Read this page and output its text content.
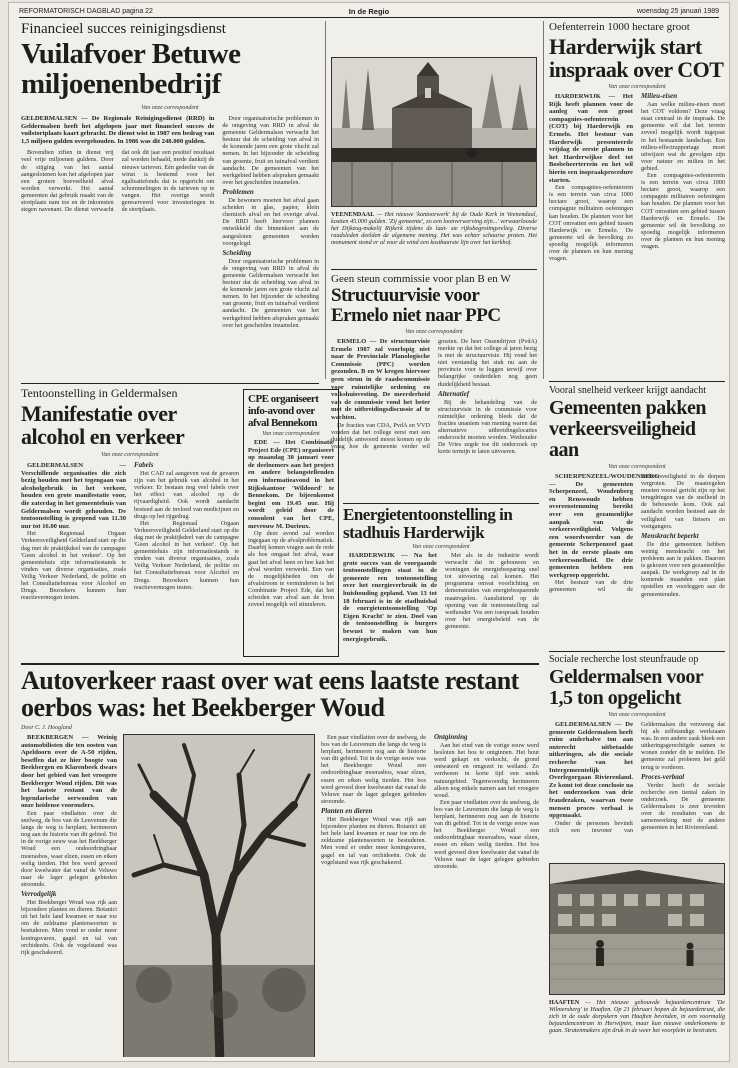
REFORMATORISCH DAGBLAD pagina 22	In de Regio	woensdag 25 januari 1989
Financieel succes reinigingsdienst
Vuilafvoer Betuwe miljoenenbedrijf
Van onze correspondent
GELDERMALSEN — De Regionale Reinigingsdienst (RRD) in Geldermalsen heeft het afgelopen jaar met financieel succes de vuilstortplaats kaart gebracht. De dienst wist in 1987 een bedrag van 1,5 miljoen gulden overgehouden. In 1986 was dit 248.000 gulden.

Bovendien ziften in dienst vrij veel vrije miljoenen guldens. Door de stijging van het aantal aangeslotenen kon het afgelopen jaar een grotere hoeveelheid afval worden verwerkt. Het aantal gemeenten dat gebruik maakt van de stortplaats nam toe en de inkomsten stegen navenant. De dienst verwacht dat ook dit jaar een positief resultaat zal worden behaald, mede dankzij de nieuwe tarieven. Eén gedeelte van de winst is bestemd voor het egalisatiefonds dat is opgericht om schommelingen in de tarieven op te vangen. Het overige wordt gereserveerd voor investeringen in de stortplaats.

Door organisatorische problemen in de omgeving van RRD in afval de gemeente Geldermalsen verwacht het bestuur dat de scheiding van afval in de komende jaren een grote vlucht zal nemen. In het bijzonder de scheiding van groente, fruit en tuinafval verdient aandacht. De gemeenten van het werkgebied hebben afspraken gemaakt over het gescheiden inzamelen.

Problemen

De bewoners moeten het afval gaan scheiden in glas, papier, klein chemisch afval en het overige afval. De RRD heeft hiervoor plannen ontwikkeld die binnenkort aan de aangesloten gemeenten worden voorgelegd.

Scheiding

Door organisatorische problemen in de omgeving van RRD in afval de gemeente Geldermalsen verwacht het bestuur dat de scheiding van afval in de komende jaren een grote vlucht zal nemen. In het bijzonder de scheiding van groente, fruit en tuinafval verdient aandacht. De gemeenten van het werkgebied hebben afspraken gemaakt over het gescheiden inzamelen.

VEENENDAAL — Het nieuwe 'kantoorwerk' bij de Oude Kerk in Veenendaal, kostten 45.000 gulden. 'Zij gemeente', zo een loonverwerving zijn...' verwaarloosde het Dijkzog-makelij Rijkerk tijdens de laat- ste rijksbegrotingsrelieg. Diverse raadsleden deelden de algemene mening. Het was echter schaarse praten. Het monument stond er al voor de wind een kostbaarste lijn over het kerkhof.
Geen steun commissie voor plan B en W
Structuurvisie voor Ermelo niet naar PPC
Van onze correspondent

ERMELO — De structuurvisie Ermelo 1987 zal voorlopig niet naar de Provinciale Planologische Commissie (PPC) worden gezonden. B en W kregen hiervoor geen steun in de raadscommissie voor ruimtelijke ordening en volkshuisvesting. De meerderheid van de commissie vond het beter met de uitbreidingsdiscussie af te wachten.

De fracties van CDA, PvdA en VVD vonden dat het college eerst met een duidelijk antwoord moest komen op de vraag hoe de gemeente verder wil groeien. De heer Ossendrijver (PvdA) merkte op dat het college al jaren bezig is met de structuurvisie. Hij vond het niet verstandig het stuk nu aan de provincie voor te leggen terwijl over belangrijke onderdelen nog geen duidelijkheid bestaat.

Alternatief

Bij de behandeling van de structuurvisie in de commissie voor ruimtelijke ordening bleek dat de fracties unaniem van mening waren dat alternatieve uitbreidingslocaties onderzocht moeten worden. Wethouder De Vries zegde toe dit onderzoek op korte termijn te laten uitvoeren.

Oefenterrein 1000 hectare groot
Harderwijk start inspraak over COT
Van onze correspondent

HARDERWIJK — Het Rijk heeft plannen voor de aanleg van een groot compagnies-oefenterrein (COT) bij Harderwijk en Ermelo. Het bestuur van Harderwijk presenteerde vrijdag de eerste plannen in het Harderwijkse deel tot Bosbeheerterrein en het wil hierin een inspraakprocedure starten.

Een compagnies-oefenterrein is een terrein van circa 1000 hectare groot, waarop een compagnie militairen oefeningen kan houden. De plannen voor het COT omvatten een gebied tussen Harderwijk en Ermelo. De gemeente wil de bevolking zo spoedig mogelijk informeren over de plannen en hun mening vragen.

Milieu-eisen

Aan welke milieu-eisen moet het COT voldoen? Deze vraag staat centraal in de inspraak. De gemeente wil dat het terrein zoveel mogelijk wordt ingepast in het bestaande landschap. Een milieu-effectrapportage moet uitwijzen wat de gevolgen zijn voor natuur en milieu in het gebied.

Een compagnies-oefenterrein is een terrein van circa 1000 hectare groot, waarop een compagnie militairen oefeningen kan houden. De plannen voor het COT omvatten een gebied tussen Harderwijk en Ermelo. De gemeente wil de bevolking zo spoedig mogelijk informeren over de plannen en hun mening vragen.

Tentoonstelling in Geldermalsen
Manifestatie over alcohol en verkeer
Van onze correspondent

GELDERMALSEN — Verschillende organisaties die zich bezig houden met het tegengaan van alcoholgebruik in het verkeer, houden een grote manifestatie voor, die zaterdag in het gemeentehuis van Geldermalsen wordt gehouden. De tentoonstelling is geopend van 11.30 uur tot 16.00 uur.

Het Regionaal Orgaan Verkeersveiligheid Gelderland start op die dag met de praktijkdeel van de campagne 'Geen alcohol in het verkeer'. Op het gemeentehuis zijn informatiestands te vinden van diverse organisaties, zoals Veilig Verkeer Nederland, de politie en het Consultatiebureau voor Alcohol en Drugs. Bezoekers kunnen hun reactievermogen testen.

Fabels

Het CAD zal aangeven wat de gevaren zijn van het gebruik van alcohol in het verkeer. Er bestaan nog veel fabels over het effect van alcohol op de rijvaardigheid. Ook wordt aandacht besteed aan de invloed van medicijnen en drugs op het rijgedrag.

Het Regionaal Orgaan Verkeersveiligheid Gelderland start op die dag met de praktijkdeel van de campagne 'Geen alcohol in het verkeer'. Op het gemeentehuis zijn informatiestands te vinden van diverse organisaties, zoals Veilig Verkeer Nederland, de politie en het Consultatiebureau voor Alcohol en Drugs. Bezoekers kunnen hun reactievermogen testen.

CPE organiseert info-avond over afval Bennekom
Van onze correspondent

EDE — Het Combinatie Project Ede (CPE) organiseert op maandag 30 januari voor de deelnemers aan het project en andere belangstellenden een informatieavond in het Rijkskantoor 'Wildoord' te Bennekom. De bijeenkomst begint om 19.45 uur. Hij wordt geleid door de consulent van het CPE, mevrouw M. Durieux.

Op deze avond zal worden ingegaan op de afvalproblematiek. Daarbij komen vragen aan de orde als hoe omgaat het afval, waar gaat het afval heen en hoe kan het afval worden verwerkt. Een van de mogelijkheden om de afvalstroom te verminderen is het Combinatie Project Ede, dat het scheiden van afval aan de bron zoveel mogelijk wil stimuleren.

Energietentoonstelling in stadhuis Harderwijk
Van onze correspondent

HARDERWIJK — Na het grote succes van de voorgaande tentoonstellingen staat in de gemeente een tentoonstelling over het energieverbruik in de huishouding gepland. Van 13 tot 18 februari is in de stadhuishal de energietentoonstelling 'Op Eigen Kracht' te zien. Doel van de tentoonstelling is burgers bewust te maken van hun energiegebruik.

Met als in de industrie wordt verwacht dat in gebouwen en woningen de energiebesparing snel tot uitvoering zal komen. Het programma omvat voorlichting en demonstraties van energiebesparende maatregelen. Aansluitend op de opening van de tentoonstelling zal wethouder Vos een toespraak houden over het energiebeleid van de gemeente.

Vooral snelheid verkeer krijgt aandacht
Gemeenten pakken verkeersveiligheid aan
Van onze correspondent

SCHERPENZEEL/WOUDENBERG — De gemeenten Scherpenzeel, Woudenberg en Renswoude hebben overeenstemming bereikt over een gezamenlijke aanpak van de verkeersveiligheid. Volgens een woordvoerder van de gemeente Scherpenzeel gaat het in de eerste plaats om verkeerssnelheid. De drie gemeenten hebben een werkgroep opgericht.

Het bestuur van de drie gemeenten wil de verkeersveiligheid in de dorpen vergroten. De maatregelen moeten vooral gericht zijn op het terugdringen van de snelheid in de bebouwde kom. Ook zal aandacht worden besteed aan de veiligheid van fietsers en voetgangers.

Menskracht beperkt

De drie gemeenten hebben weinig menskracht om het probleem aan te pakken. Daarom is gekozen voor een gezamenlijke aanpak. De werkgroep zal in de komende maanden een plan opstellen en voorleggen aan de gemeenteraden.

Sociale recherche lost steunfraude op
Geldermalsen voor 1,5 ton opgelicht
Van onze correspondent

GELDERMALSEN — De gemeente Geldermalsen heeft ruim anderhalve ton aan onterecht uitbetaalde uitkeringen, als die sociale recherche van het Intergemeentelijk Overlegorgaan Rivierenland. Ze komt tot deze conclusie na het onderzoeken van drie fraudezaken, waarvan twee mensen proces verbaal is opgemaakt.

Onder de personen bevindt zich een inwoner van Geldermalsen die verzweeg dat hij als zelfstandige werkzaam was. In een andere zaak bleek een uitkeringsgerechtigde samen te wonen zonder dit te melden. De gemeente zal proberen het geld terug te vorderen.

Proces-verbaal

Verder heeft de sociale recherche een tiental zaken in onderzoek. De gemeente Geldermalsen is zeer tevreden over de resultaten van de samenwerking met de andere gemeenten in het Rivierenland.

Autoverkeer raast over wat eens laatste restant oerbos was: het Beekberger Woud
Door C. J. Hoogland

BEEKBERGEN — Weinig automobilisten die ten oosten van Apeldoorn over de A-50 rijden, beseffen dat ze hier boogte van Beekbergen en Klarenbeek dwars door het gebied van het vroegere Beekberger Woud rijden. Dit was het laatste restant van de legendarische oerwouden van onze heidense voorouders.

Een paar vindlatten over de snelweg, de bos van de Leuvenum die langs de weg is herplant, herinneren nog aan de historie van dit gebied. Tot in de vorige eeuw was het Beekberger Woud een ondoordringbaar moerasbos, waar elzen, essen en eiken welig tierden. Het bos werd gevoed door kwelwater dat vanaf de Veluwe naar de lager gelegen gebieden stroomde.

Verrodgelijk

Het Beekberger Woud was rijk aan bijzondere planten en dieren. Botanici uit het hele land kwamen er naar toe om de zeldzame plantensoorten te bestuderen. Men vond er onder meer koningsvaren, gagel en tal van orchideeën. Ook de vogelstand was rijk geschakeerd.

Een paar vindlatten over de snelweg, de bos van de Leuvenum die langs de weg is herplant, herinneren nog aan de historie van dit gebied. Tot in de vorige eeuw was het Beekberger Woud een ondoordringbaar moerasbos, waar elzen, essen en eiken welig tierden. Het bos werd gevoed door kwelwater dat vanaf de Veluwe naar de lager gelegen gebieden stroomde.

Planten en dieren

Het Beekberger Woud was rijk aan bijzondere planten en dieren. Botanici uit het hele land kwamen er naar toe om de zeldzame plantensoorten te bestuderen. Men vond er onder meer koningsvaren, gagel en tal van orchideeën. Ook de vogelstand was rijk geschakeerd.

Ontginning

Aan het eind van de vorige eeuw werd besloten het bos te ontginnen. Het hout werd gekapt en verkocht, de grond ontwaterd en omgezet in weiland. Zo verdween in korte tijd een uniek natuurgebied. Tegenwoordig herinneren alleen nog enkele namen aan het vroegere woud.

Een paar vindlatten over de snelweg, de bos van de Leuvenum die langs de weg is herplant, herinneren nog aan de historie van dit gebied. Tot in de vorige eeuw was het Beekberger Woud een ondoordringbaar moerasbos, waar elzen, essen en eiken welig tierden. Het bos werd gevoed door kwelwater dat vanaf de Veluwe naar de lager gelegen gebieden stroomde.

HAAFTEN — Het nieuwe gebouwde bejaardencentrum 'De Wilmersberg' te Haaften. Op 21 februari hopen de bejaardenrust, die zich in de oude dorpskern van Haaften bevinden, in een voormalig bejaardencentrum in Herwijnen, maar kun nieuwe onderkomens te gaan. Stratenmakers zijn druk in de weer het voorplein te bestraten.
